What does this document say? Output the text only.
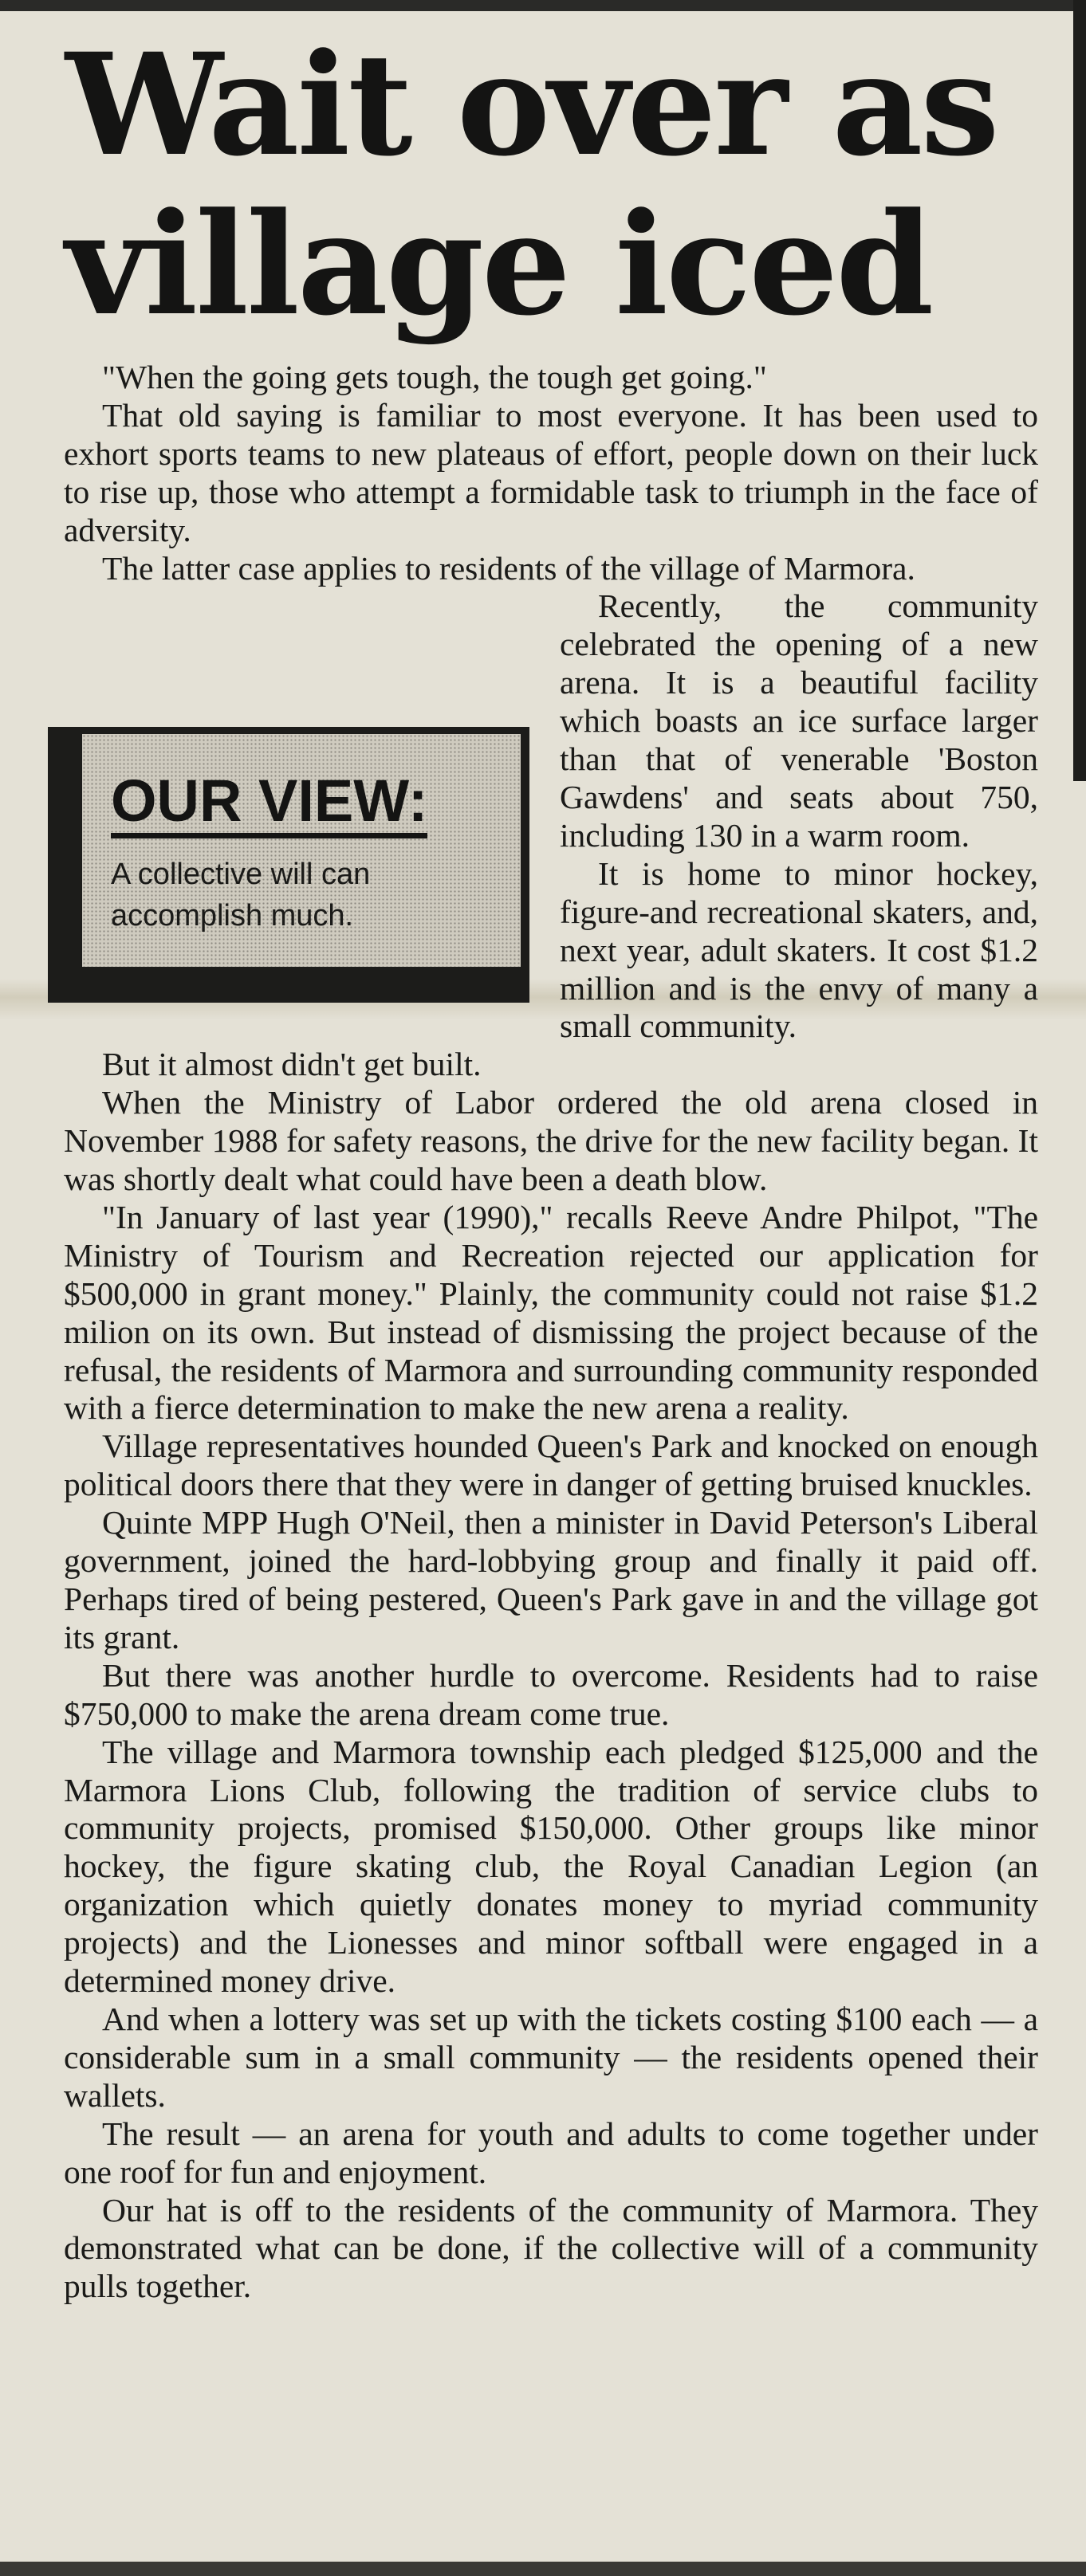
Wait over as village iced
OUR VIEW:

A collective will can accomplish much.

"When the going gets tough, the tough get going."

That old saying is familiar to most everyone. It has been used to exhort sports teams to new plateaus of effort, people down on their luck to rise up, those who attempt a formidable task to triumph in the face of adversity.

The latter case applies to residents of the village of Marmora.

Recently, the community celebrated the opening of a new arena. It is a beautiful facility which boasts an ice surface larger than that of venerable 'Boston Gawdens' and seats about 750, including 130 in a warm room.

It is home to minor hockey, figure-and recreational skaters, and, next year, adult skaters. It cost $1.2 million and is the envy of many a small community.

But it almost didn't get built.

When the Ministry of Labor ordered the old arena closed in November 1988 for safety reasons, the drive for the new facility began. It was shortly dealt what could have been a death blow.

"In January of last year (1990)," recalls Reeve Andre Philpot, "The Ministry of Tourism and Recreation rejected our application for $500,000 in grant money." Plainly, the community could not raise $1.2 milion on its own. But instead of dismissing the project because of the refusal, the residents of Marmora and surrounding community responded with a fierce determination to make the new arena a reality.

Village representatives hounded Queen's Park and knocked on enough political doors there that they were in danger of getting bruised knuckles.

Quinte MPP Hugh O'Neil, then a minister in David Peterson's Liberal government, joined the hard-lobbying group and finally it paid off. Perhaps tired of being pestered, Queen's Park gave in and the village got its grant.

But there was another hurdle to overcome. Residents had to raise $750,000 to make the arena dream come true.

The village and Marmora township each pledged $125,000 and the Marmora Lions Club, following the tradition of service clubs to community projects, promised $150,000. Other groups like minor hockey, the figure skating club, the Royal Canadian Legion (an organization which quietly donates money to myriad community projects) and the Lionesses and minor softball were engaged in a determined money drive.

And when a lottery was set up with the tickets costing $100 each — a considerable sum in a small community — the residents opened their wallets.

The result — an arena for youth and adults to come together under one roof for fun and enjoyment.

Our hat is off to the residents of the community of Marmora. They demonstrated what can be done, if the collective will of a community pulls together.
